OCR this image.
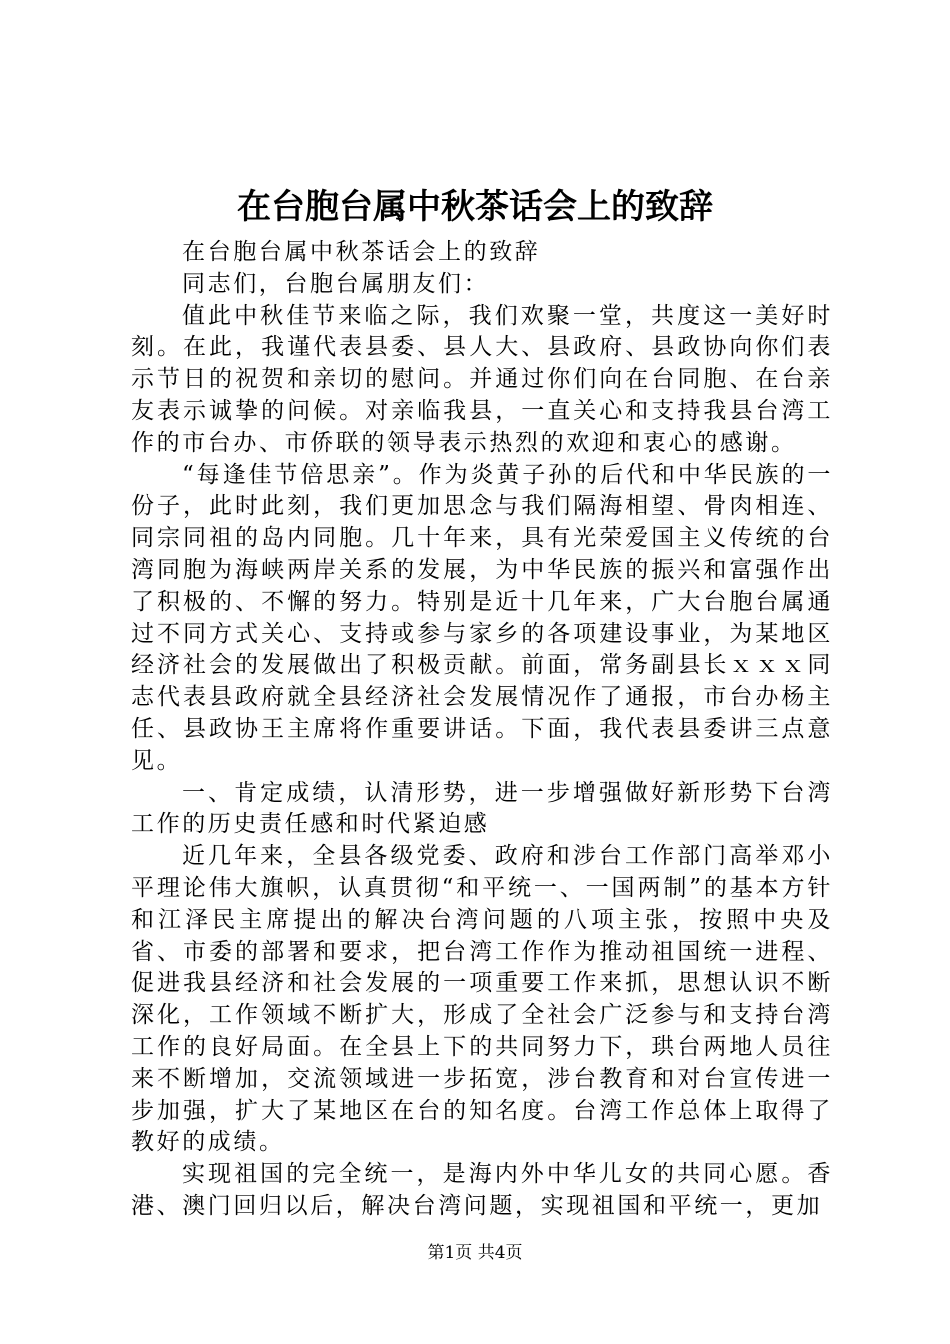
在台胞台属中秋茶话会上的致辞

在台胞台属中秋茶话会上的致辞

同志们，台胞台属朋友们：

值此中秋佳节来临之际，我们欢聚一堂，共度这一美好时刻。在此，我谨代表县委、县人大、县政府、县政协向你们表示节日的祝贺和亲切的慰问。并通过你们向在台同胞、在台亲友表示诚挚的问候。对亲临我县，一直关心和支持我县台湾工作的市台办、市侨联的领导表示热烈的欢迎和衷心的感谢。

“每逢佳节倍思亲”。作为炎黄子孙的后代和中华民族的一份子，此时此刻，我们更加思念与我们隔海相望、骨肉相连、同宗同祖的岛内同胞。几十年来，具有光荣爱国主义传统的台湾同胞为海峡两岸关系的发展，为中华民族的振兴和富强作出了积极的、不懈的努力。特别是近十几年来，广大台胞台属通过不同方式关心、支持或参与家乡的各项建设事业，为某地区经济社会的发展做出了积极贡献。前面，常务副县长ｘｘｘ同志代表县政府就全县经济社会发展情况作了通报，市台办杨主任、县政协王主席将作重要讲话。下面，我代表县委讲三点意见。

一、肯定成绩，认清形势，进一步增强做好新形势下台湾工作的历史责任感和时代紧迫感

近几年来，全县各级党委、政府和涉台工作部门高举邓小平理论伟大旗帜，认真贯彻“和平统一、一国两制”的基本方针和江泽民主席提出的解决台湾问题的八项主张，按照中央及省、市委的部署和要求，把台湾工作作为推动祖国统一进程、促进我县经济和社会发展的一项重要工作来抓，思想认识不断深化，工作领域不断扩大，形成了全社会广泛参与和支持台湾工作的良好局面。在全县上下的共同努力下，珙台两地人员往来不断增加，交流领域进一步拓宽，涉台教育和对台宣传进一步加强，扩大了某地区在台的知名度。台湾工作总体上取得了教好的成绩。

实现祖国的完全统一，是海内外中华儿女的共同心愿。香港、澳门回归以后，解决台湾问题，实现祖国和平统一，更加

第1页 共4页
